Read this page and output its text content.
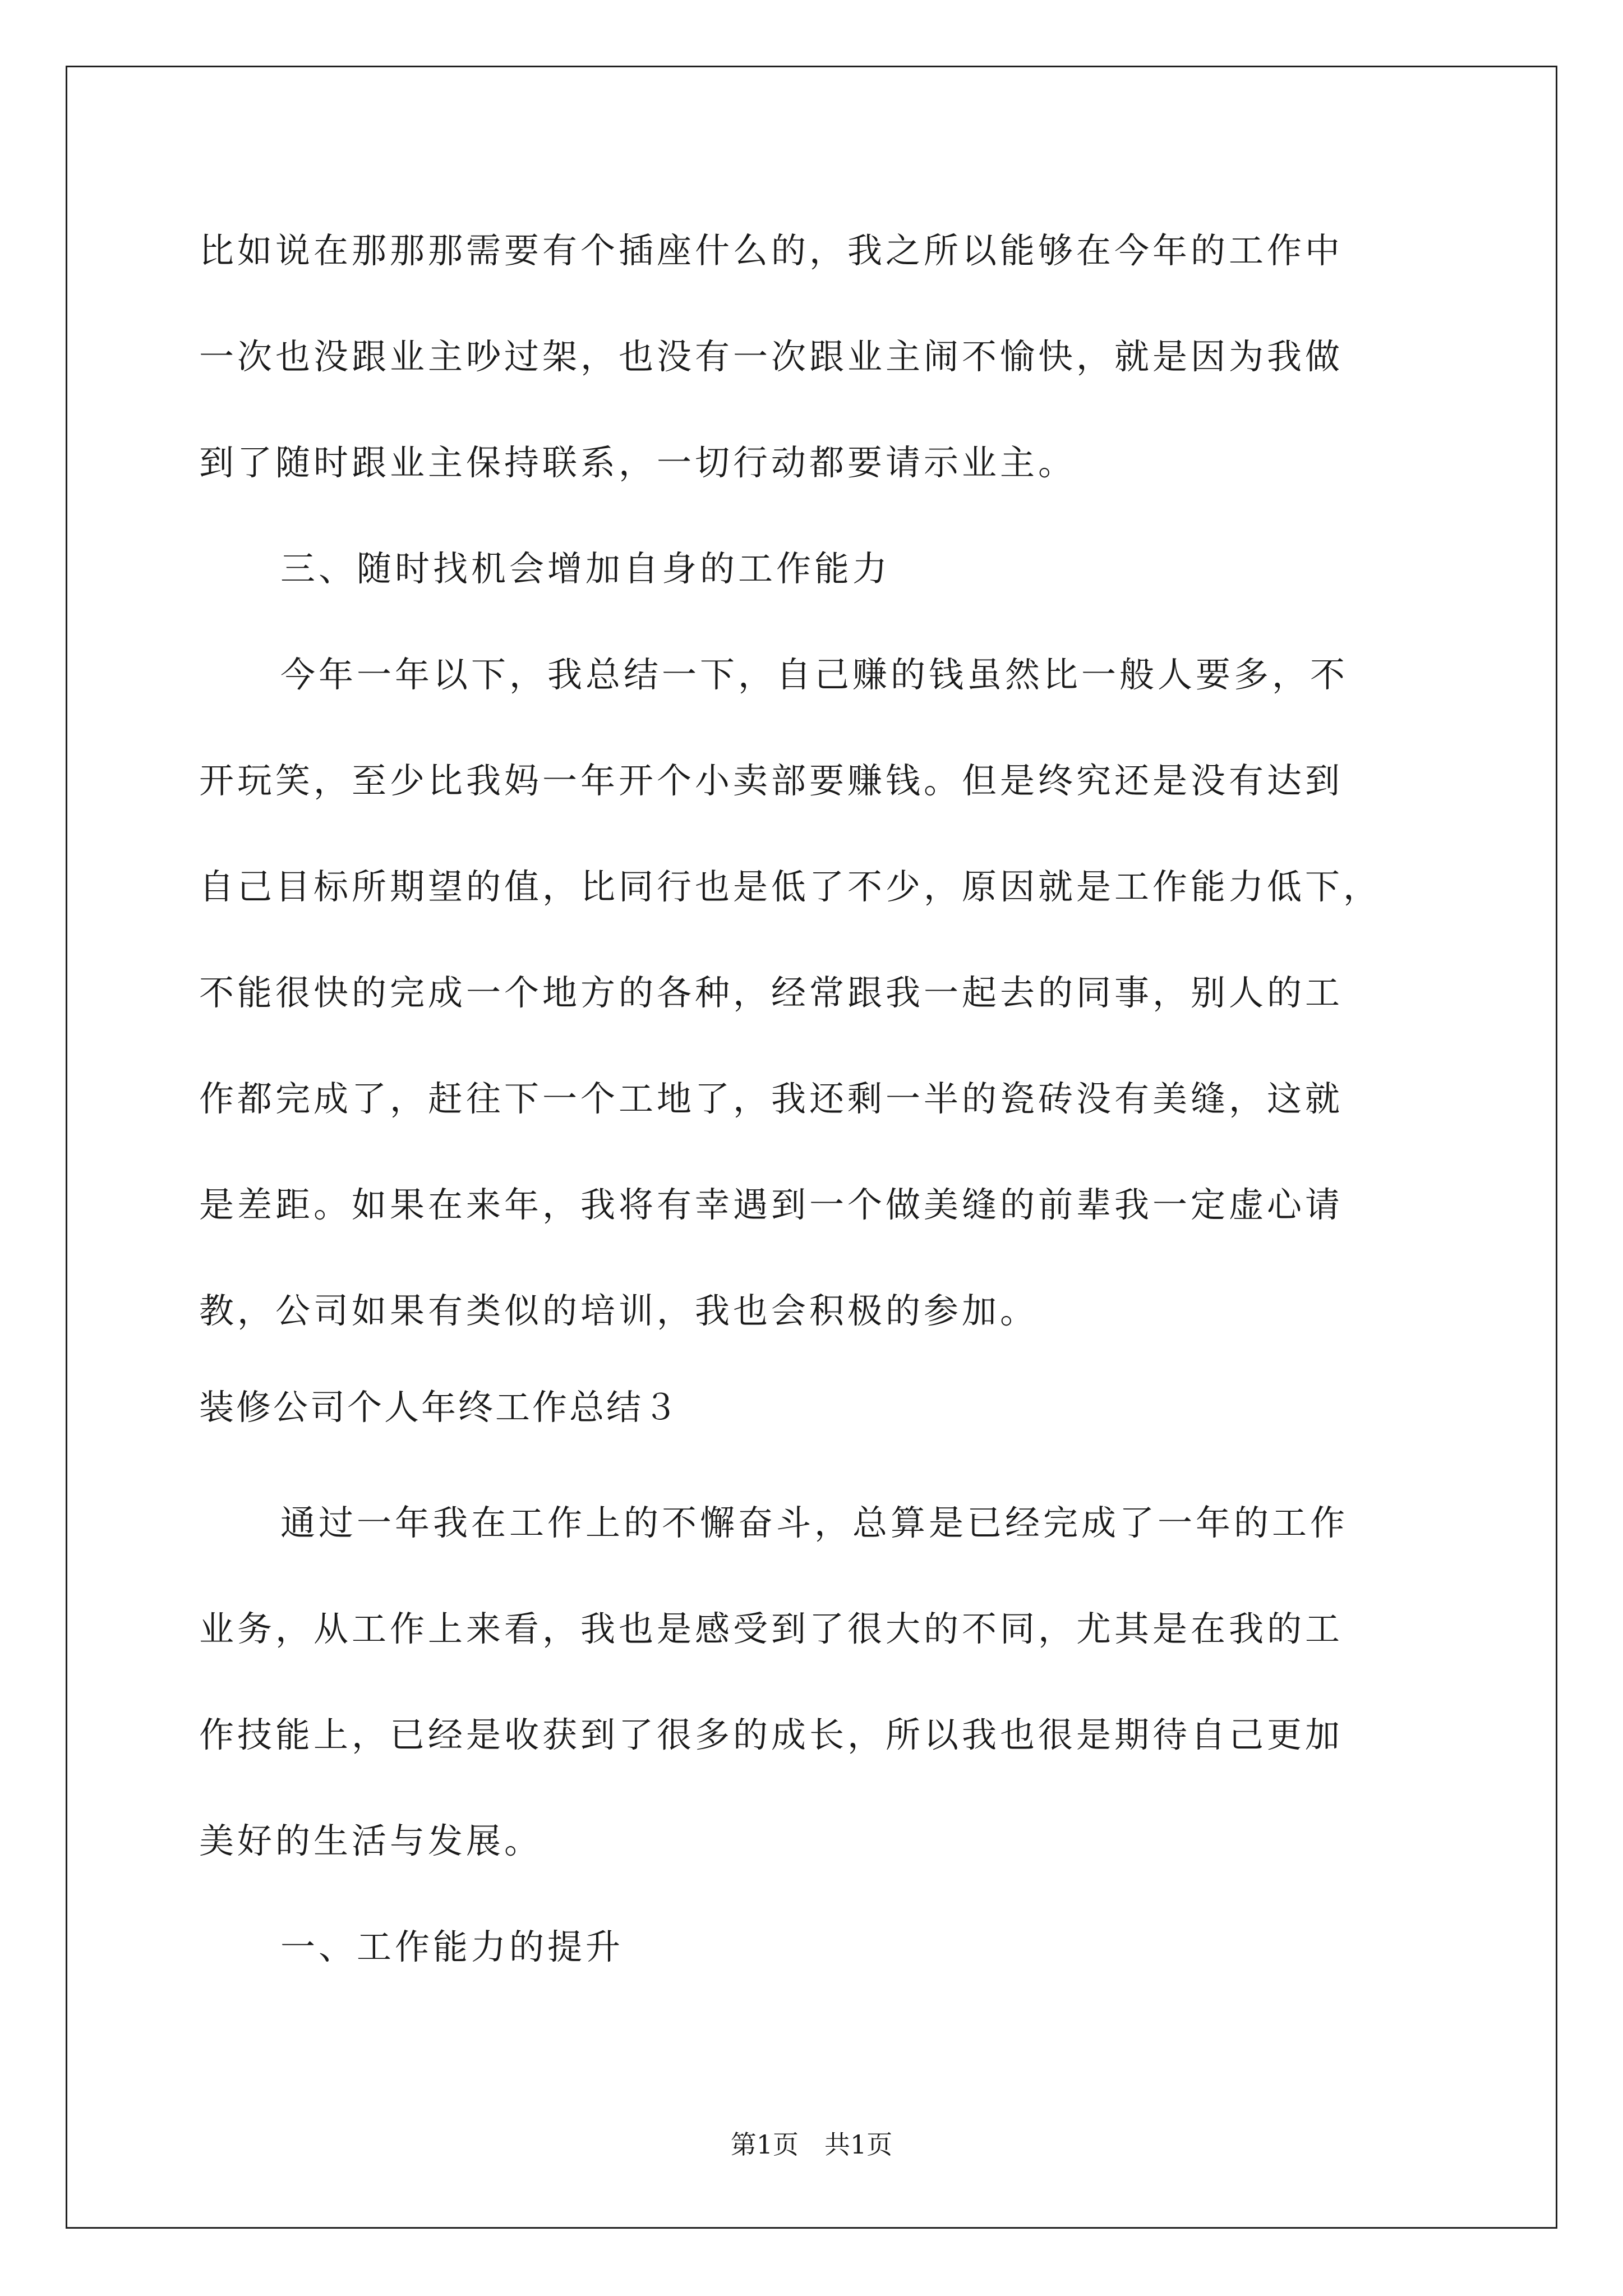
比如说在那那那需要有个插座什么的，我之所以能够在今年的工作中
一次也没跟业主吵过架，也没有一次跟业主闹不愉快，就是因为我做
到了随时跟业主保持联系，一切行动都要请示业主。
三、随时找机会增加自身的工作能力
今年一年以下，我总结一下，自己赚的钱虽然比一般人要多，不
开玩笑，至少比我妈一年开个小卖部要赚钱。但是终究还是没有达到
自己目标所期望的值，比同行也是低了不少，原因就是工作能力低下，
不能很快的完成一个地方的各种，经常跟我一起去的同事，别人的工
作都完成了，赶往下一个工地了，我还剩一半的瓷砖没有美缝，这就
是差距。如果在来年，我将有幸遇到一个做美缝的前辈我一定虚心请
教，公司如果有类似的培训，我也会积极的参加。
装修公司个人年终工作总结３
通过一年我在工作上的不懈奋斗，总算是已经完成了一年的工作
业务，从工作上来看，我也是感受到了很大的不同，尤其是在我的工
作技能上，已经是收获到了很多的成长，所以我也很是期待自己更加
美好的生活与发展。
一、工作能力的提升
第1页　共1页
